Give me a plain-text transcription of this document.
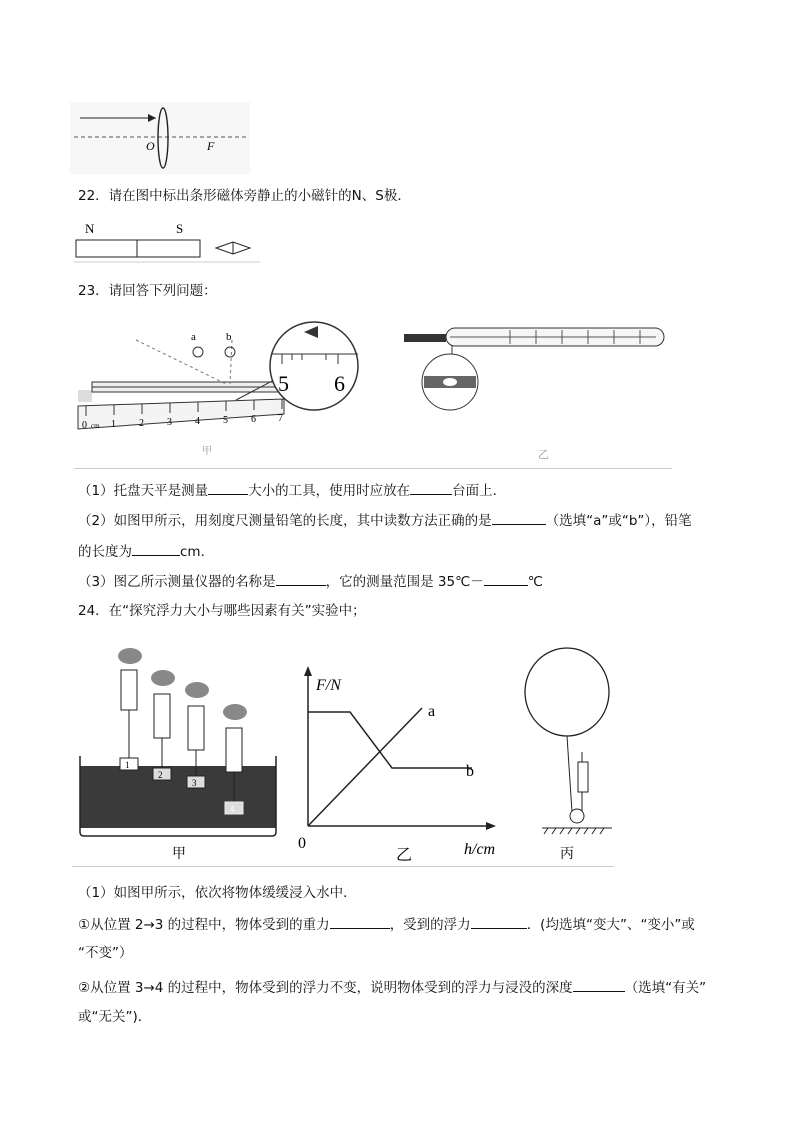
O	F
22．请在图中标出条形磁体旁静止的小磁针的N、S极．
N	S
23．请回答下列问题：
a	b
0 cm 1 2 3 4 5 6 7
5 6
甲	乙
（1）托盘天平是测量	大小的工具，使用时应放在	台面上．
（2）如图甲所示，用刻度尺测量铅笔的长度，其中读数方法正确的是	（选填“a”或“b”），铅笔
的长度为	cm．
（3）图乙所示测量仪器的名称是	，它的测量范围是 35℃－	℃
24．在“探究浮力大小与哪些因素有关”实验中；
1
2
3
4
甲
F/N
h/cm
0
a
b
乙	丙
（1）如图甲所示，依次将物体缓缓浸入水中．
①从位置 2→3 的过程中，物体受到的重力	，受到的浮力	．(均选填“变大”、“变小”或
“不变”）
②从位置 3→4 的过程中，物体受到的浮力不变，说明物体受到的浮力与浸没的深度	（选填“有关”
或“无关”)．
